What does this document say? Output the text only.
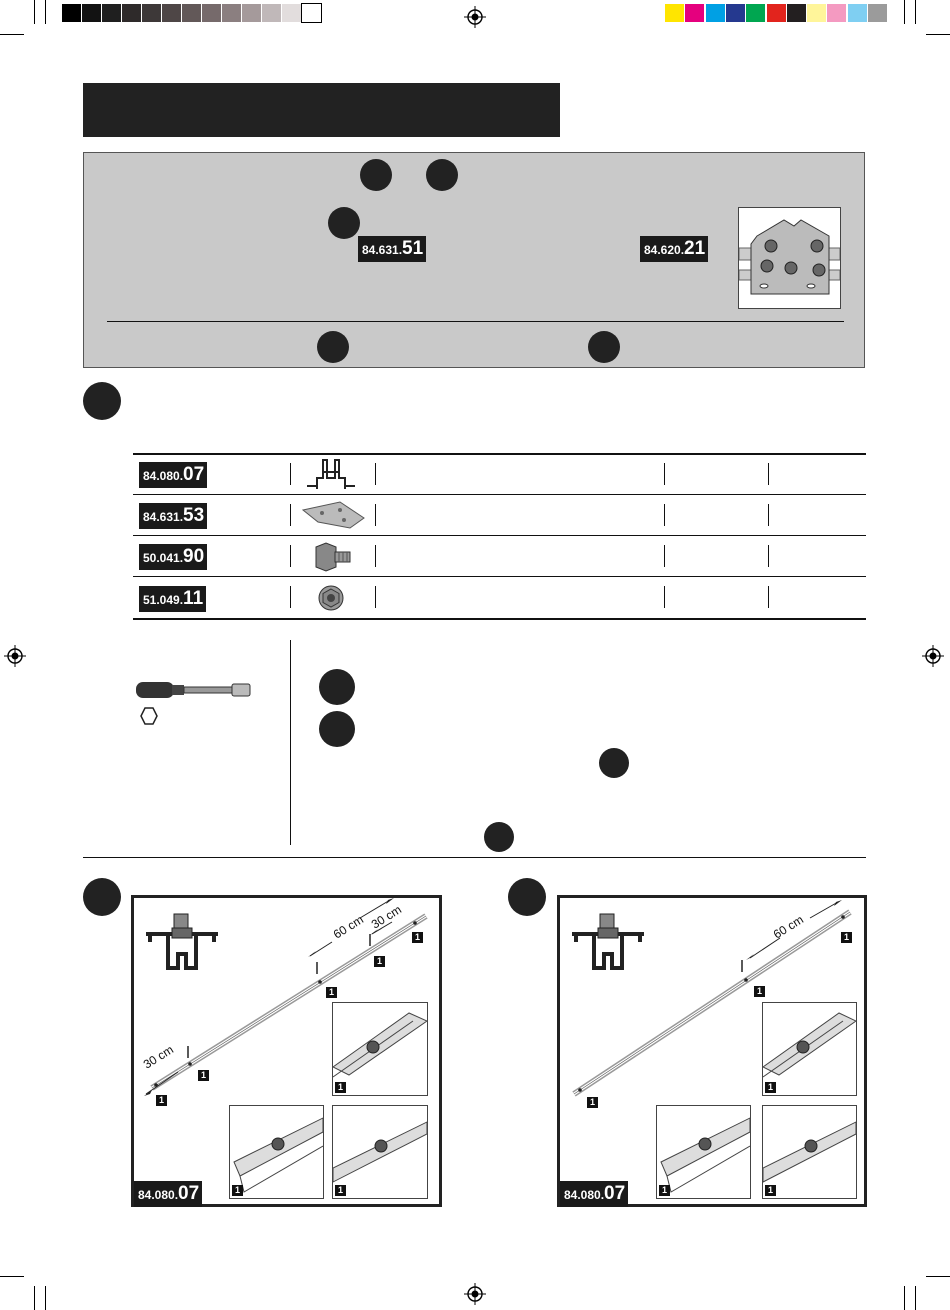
84.631.51	84.620.21
84.080.07
84.631.53
50.041.90
51.049.11
60 cm 30 cm
30 cm
1
1
1
1
1
1
1	1
84.080.07
60 cm	1
1
1
1
1	1
84.080.07
